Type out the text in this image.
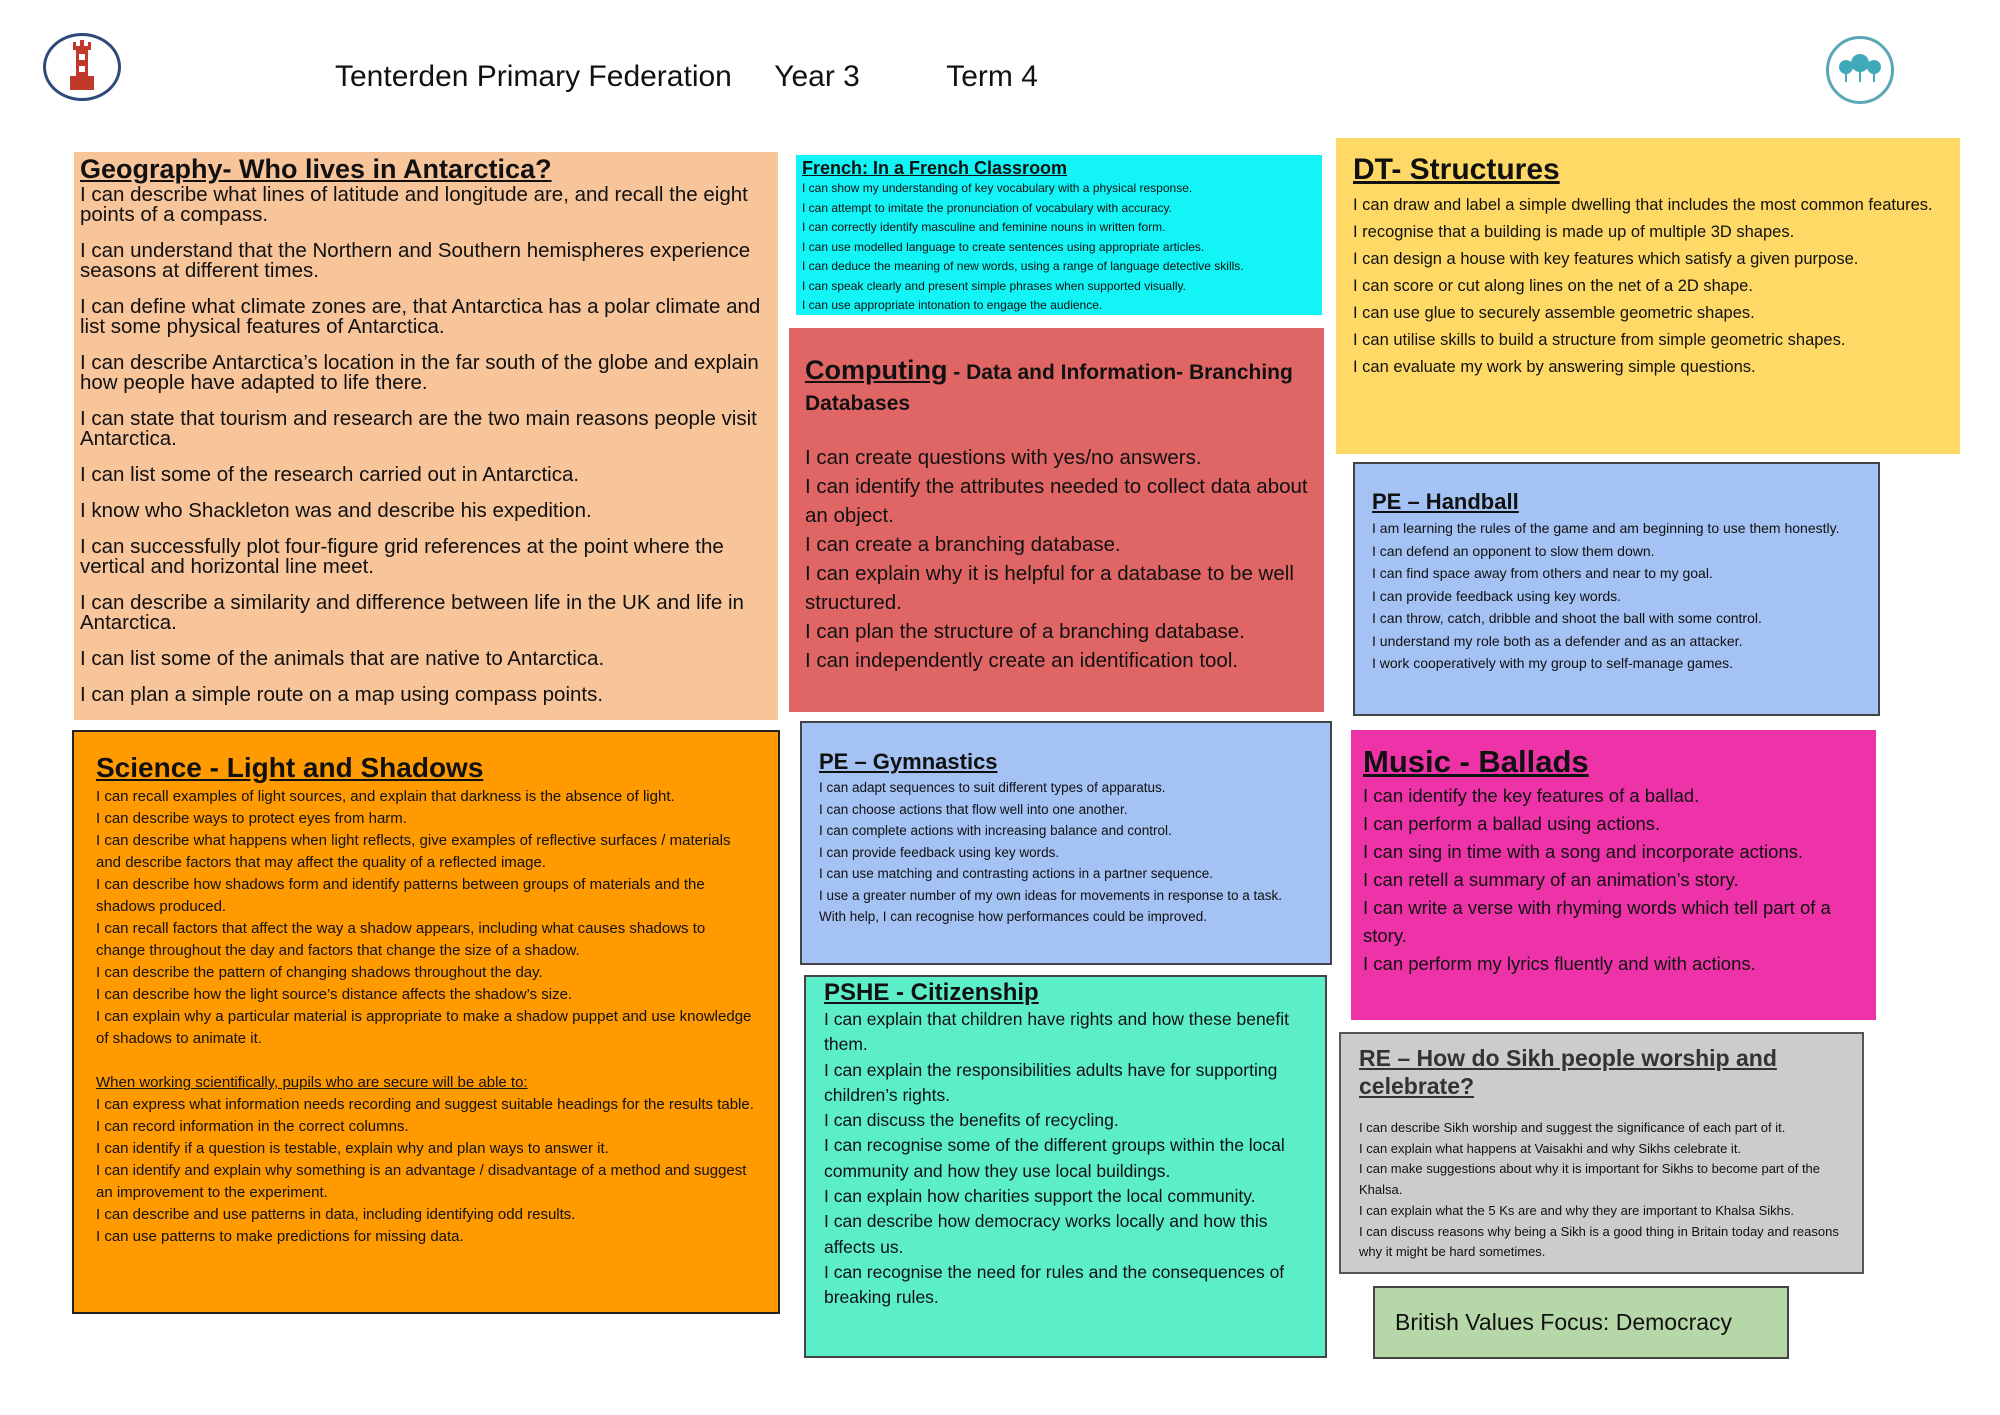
Tenterden Primary Federation Year 3	Term 4
Geography- Who lives in Antarctica?
I can describe what lines of latitude and longitude are, and recall the eight points of a compass.
I can understand that the Northern and Southern hemispheres experience seasons at different times.
I can define what climate zones are, that Antarctica has a polar climate and list some physical features of Antarctica.
I can describe Antarctica’s location in the far south of the globe and explain how people have adapted to life there.
I can state that tourism and research are the two main reasons people visit Antarctica.
I can list some of the research carried out in Antarctica.
I know who Shackleton was and describe his expedition.
I can successfully plot four-figure grid references at the point where the vertical and horizontal line meet.
I can describe a similarity and difference between life in the UK and life in Antarctica.
I can list some of the animals that are native to Antarctica.
I can plan a simple route on a map using compass points.
Science - Light and Shadows
I can recall examples of light sources, and explain that darkness is the absence of light.
I can describe ways to protect eyes from harm.
I can describe what happens when light reflects, give examples of reflective surfaces / materials and describe factors that may affect the quality of a reflected image.
I can describe how shadows form and identify patterns between groups of materials and the shadows produced.
I can recall factors that affect the way a shadow appears, including what causes shadows to change throughout the day and factors that change the size of a shadow.
I can describe the pattern of changing shadows throughout the day.
I can describe how the light source’s distance affects the shadow’s size.
I can explain why a particular material is appropriate to make a shadow puppet and use knowledge of shadows to animate it.
When working scientifically, pupils who are secure will be able to:
I can express what information needs recording and suggest suitable headings for the results table.
I can record information in the correct columns.
I can identify if a question is testable, explain why and plan ways to answer it.
I can identify and explain why something is an advantage / disadvantage of a method and suggest an improvement to the experiment.
I can describe and use patterns in data, including identifying odd results.
I can use patterns to make predictions for missing data.
French: In a French Classroom
I can show my understanding of key vocabulary with a physical response.
I can attempt to imitate the pronunciation of vocabulary with accuracy.
I can correctly identify masculine and feminine nouns in written form.
I can use modelled language to create sentences using appropriate articles.
I can deduce the meaning of new words, using a range of language detective skills.
I can speak clearly and present simple phrases when supported visually.
I can use appropriate intonation to engage the audience.
Computing - Data and Information- Branching Databases
I can create questions with yes/no answers.
I can identify the attributes needed to collect data about an object.
I can create a branching database.
I can explain why it is helpful for a database to be well structured.
I can plan the structure of a branching database.
I can independently create an identification tool.
DT- Structures
I can draw and label a simple dwelling that includes the most common features.
I recognise that a building is made up of multiple 3D shapes.
I can design a house with key features which satisfy a given purpose.
I can score or cut along lines on the net of a 2D shape.
I can use glue to securely assemble geometric shapes.
I can utilise skills to build a structure from simple geometric shapes.
I can evaluate my work by answering simple questions.
PE – Handball
I am learning the rules of the game and am beginning to use them honestly.
I can defend an opponent to slow them down.
I can find space away from others and near to my goal.
I can provide feedback using key words.
I can throw, catch, dribble and shoot the ball with some control.
I understand my role both as a defender and as an attacker.
I work cooperatively with my group to self-manage games.
PE – Gymnastics
I can adapt sequences to suit different types of apparatus.
I can choose actions that flow well into one another.
I can complete actions with increasing balance and control.
I can provide feedback using key words.
I can use matching and contrasting actions in a partner sequence.
I use a greater number of my own ideas for movements in response to a task.
With help, I can recognise how performances could be improved.
Music - Ballads
I can identify the key features of a ballad.
I can perform a ballad using actions.
I can sing in time with a song and incorporate actions.
I can retell a summary of an animation’s story.
I can write a verse with rhyming words which tell part of a story.
I can perform my lyrics fluently and with actions.
PSHE - Citizenship
I can explain that children have rights and how these benefit them.
I can explain the responsibilities adults have for supporting children’s rights.
I can discuss the benefits of recycling.
I can recognise some of the different groups within the local community and how they use local buildings.
I can explain how charities support the local community.
I can describe how democracy works locally and how this affects us.
I can recognise the need for rules and the consequences of breaking rules.
RE – How do Sikh people worship and celebrate?
I can describe Sikh worship and suggest the significance of each part of it.
I can explain what happens at Vaisakhi and why Sikhs celebrate it.
I can make suggestions about why it is important for Sikhs to become part of the Khalsa.
I can explain what the 5 Ks are and why they are important to Khalsa Sikhs.
I can discuss reasons why being a Sikh is a good thing in Britain today and reasons why it might be hard sometimes.
British Values Focus: Democracy
